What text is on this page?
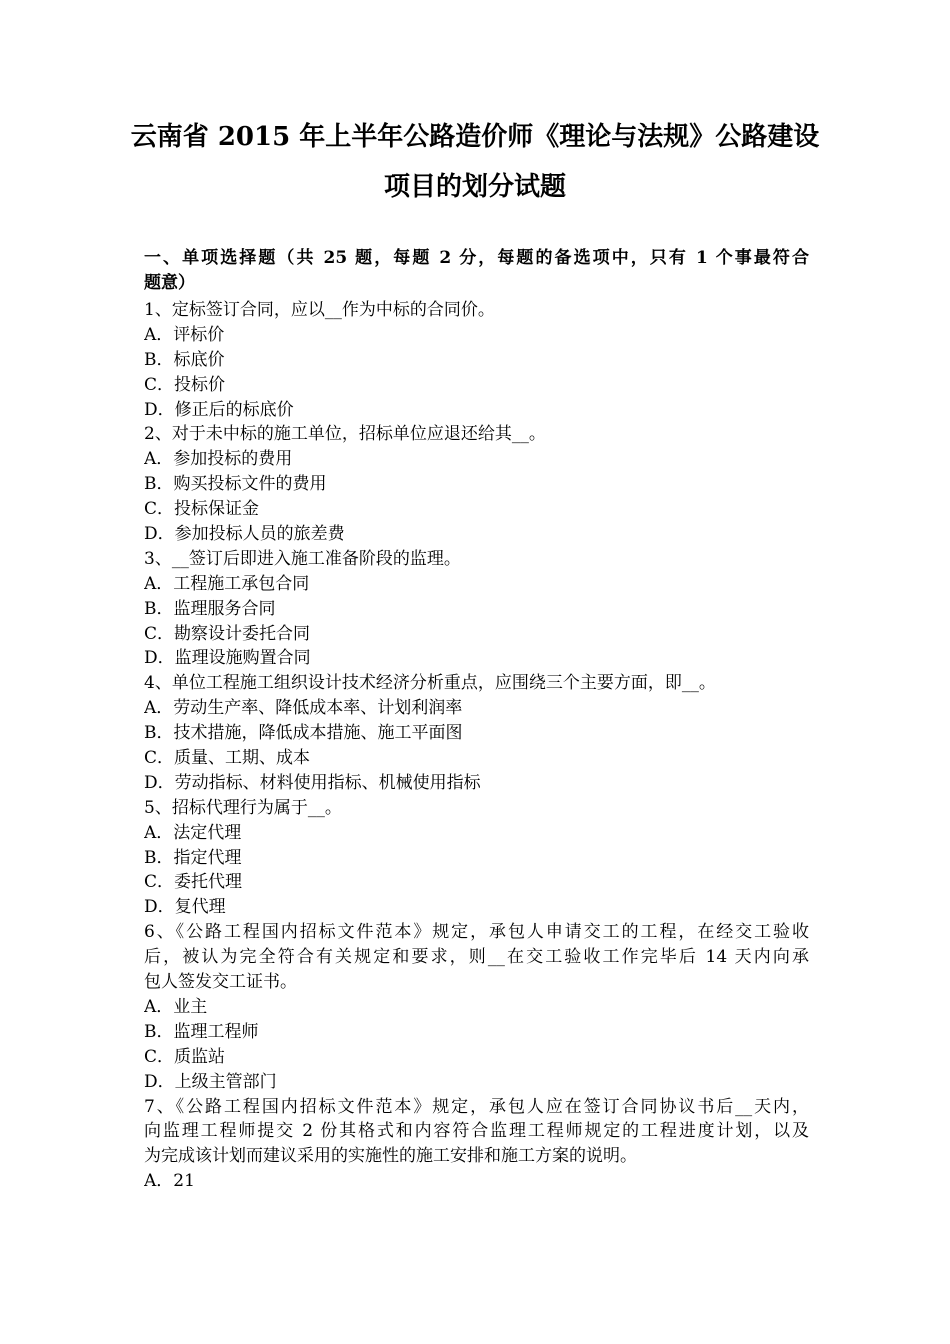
云南省 2015 年上半年公路造价师《理论与法规》公路建设
项目的划分试题
一、单项选择题（共 25 题，每题 2 分，每题的备选项中，只有 1 个事最符合
题意）
1、定标签订合同，应以__作为中标的合同价。
A．评标价
B．标底价
C．投标价
D．修正后的标底价
2、对于未中标的施工单位，招标单位应退还给其__。
A．参加投标的费用
B．购买投标文件的费用
C．投标保证金
D．参加投标人员的旅差费
3、__签订后即进入施工准备阶段的监理。
A．工程施工承包合同
B．监理服务合同
C．勘察设计委托合同
D．监理设施购置合同
4、单位工程施工组织设计技术经济分析重点，应围绕三个主要方面，即__。
A．劳动生产率、降低成本率、计划利润率
B．技术措施，降低成本措施、施工平面图
C．质量、工期、成本
D．劳动指标、材料使用指标、机械使用指标
5、招标代理行为属于__。
A．法定代理
B．指定代理
C．委托代理
D．复代理
6、《公路工程国内招标文件范本》规定，承包人申请交工的工程，在经交工验收
后，被认为完全符合有关规定和要求，则__在交工验收工作完毕后 14 天内向承
包人签发交工证书。
A．业主
B．监理工程师
C．质监站
D．上级主管部门
7、《公路工程国内招标文件范本》规定，承包人应在签订合同协议书后__天内，
向监理工程师提交 2 份其格式和内容符合监理工程师规定的工程进度计划，以及
为完成该计划而建议采用的实施性的施工安排和施工方案的说明。
A．21
